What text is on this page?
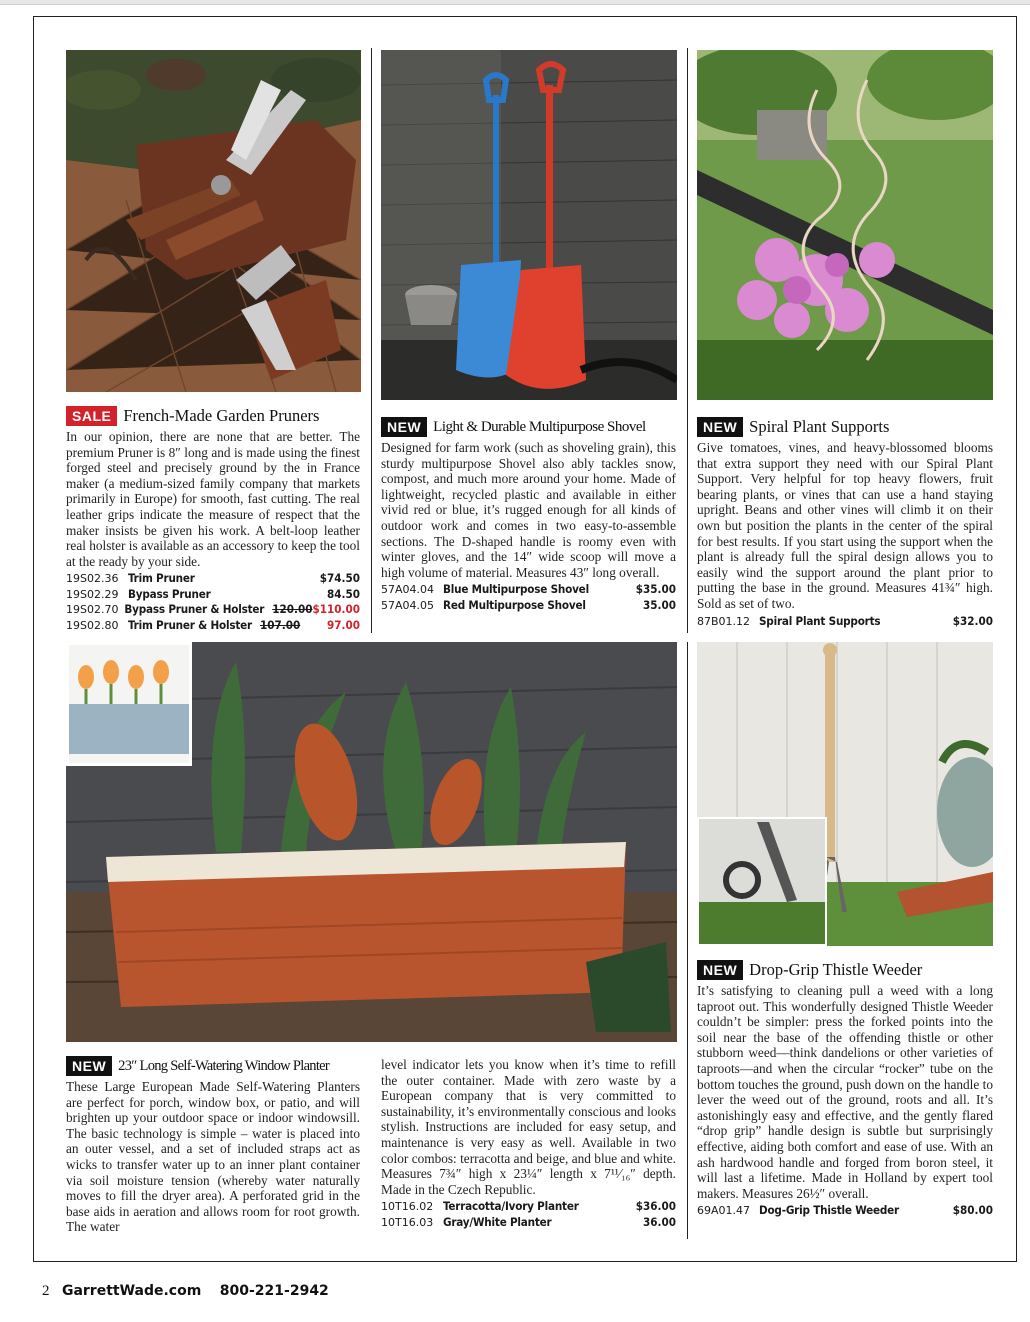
SALE French-Made Garden Pruners

In our opinion, there are none that are better. The premium Pruner is 8″ long and is made using the finest forged steel and precisely ground by the in France maker (a medium-sized family company that markets primarily in Europe) for smooth, fast cutting. The real leather grips indicate the measure of respect that the maker insists be given his work. A belt-loop leather real holster is available as an accessory to keep the tool at the ready by your side.

19S02.36 Trim Pruner	$74.50
19S02.29 Bypass Pruner	84.50
19S02.70 Bypass Pruner & Holster 120.00 $110.00
19S02.80 Trim Pruner & Holster 107.00 97.00
NEW Light & Durable Multipurpose Shovel

Designed for farm work (such as shoveling grain), this sturdy multipurpose Shovel also ably tackles snow, compost, and much more around your home. Made of lightweight, recycled plastic and available in either vivid red or blue, it’s rugged enough for all kinds of outdoor work and comes in two easy-to-assemble sections. The D-shaped handle is roomy even with winter gloves, and the 14″ wide scoop will move a high volume of material. Measures 43″ long overall.

57A04.04 Blue Multipurpose Shovel	$35.00
57A04.05 Red Multipurpose Shovel	35.00
NEW Spiral Plant Supports

Give tomatoes, vines, and heavy-blossomed blooms that extra support they need with our Spiral Plant Support. Very helpful for top heavy flowers, fruit bearing plants, or vines that can use a hand staying upright. Beans and other vines will climb it on their own but position the plants in the center of the spiral for best results. If you start using the support when the plant is already full the spiral design allows you to easily wind the support around the plant prior to putting the base in the ground. Measures 41¾″ high. Sold as set of two.

87B01.12 Spiral Plant Supports	$32.00
NEW 23″ Long Self-Watering Window Planter

These Large European Made Self-Watering Planters are perfect for porch, window box, or patio, and will brighten up your outdoor space or indoor windowsill. The basic technology is simple – water is placed into an outer vessel, and a set of included straps act as wicks to transfer water up to an inner plant container via soil moisture tension (whereby water naturally moves to fill the dryer area). A perforated grid in the base aids in aeration and allows room for root growth. The water

level indicator lets you know when it’s time to refill the outer container. Made with zero waste by a European company that is very committed to sustainability, it’s environmentally conscious and looks stylish. Instructions are included for easy setup, and maintenance is very easy as well. Available in two color combos: terracotta and beige, and blue and white. Measures 7¾″ high x 23¼″ length x 7¹¹⁄₁₆″ depth. Made in the Czech Republic.

10T16.02 Terracotta/Ivory Planter	$36.00
10T16.03 Gray/White Planter	36.00
NEW Drop-Grip Thistle Weeder

It’s satisfying to cleaning pull a weed with a long taproot out. This wonderfully designed Thistle Weeder couldn’t be simpler: press the forked points into the soil near the base of the offending thistle or other stubborn weed—think dandelions or other varieties of taproots—and when the circular “rocker” tube on the bottom touches the ground, push down on the handle to lever the weed out of the ground, roots and all. It’s astonishingly easy and effective, and the gently flared “drop grip” handle design is subtle but surprisingly effective, aiding both comfort and ease of use. With an ash hardwood handle and forged from boron steel, it will last a lifetime. Made in Holland by expert tool makers. Measures 26½″ overall.

69A01.47 Dog-Grip Thistle Weeder	$80.00
2 GarrettWade.com 800-221-2942
